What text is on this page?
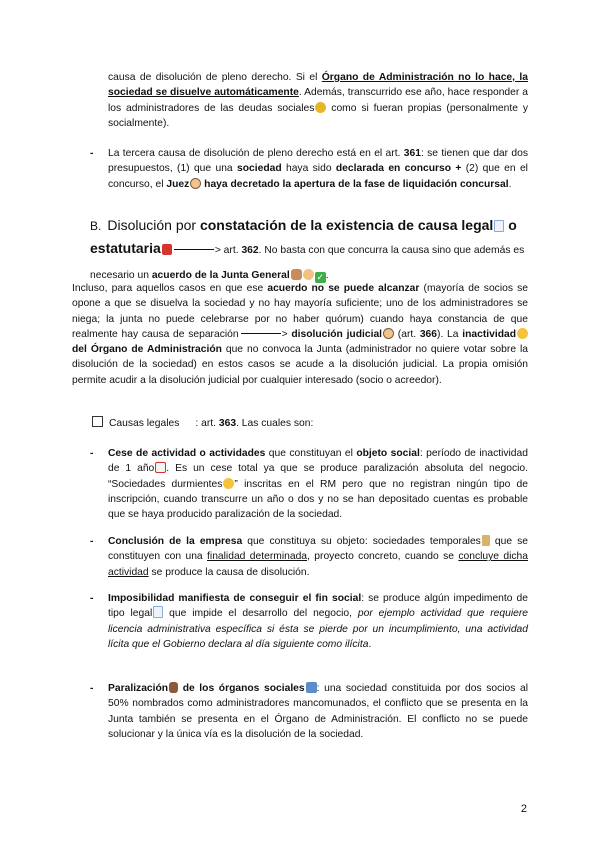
causa de disolución de pleno derecho. Si el Órgano de Administración no lo hace, la sociedad se disuelve automáticamente. Además, transcurrido ese año, hace responder a los administradores de las deudas sociales como si fueran propias (personalmente y socialmente).
-	La tercera causa de disolución de pleno derecho está en el art. 361: se tienen que dar dos presupuestos, (1) que una sociedad haya sido declarada en concurso + (2) que en el concurso, el Juez haya decretado la apertura de la fase de liquidación concursal.
B. Disolución por constatación de la existencia de causa legal o estatutaria	> art. 362. No basta con que concurra la causa sino que además es necesario un acuerdo de la Junta General	✓ .
Incluso, para aquellos casos en que ese acuerdo no se puede alcanzar (mayoría de socios se opone a que se disuelva la sociedad y no hay mayoría suficiente; uno de los administradores se niega; la junta no puede celebrarse por no haber quórum) cuando haya constancia de que realmente hay causa de separación	> disolución judicial (art. 366). La inactividad del Órgano de Administración que no convoca la Junta (administrador no quiere votar sobre la disolución de la sociedad) en estos casos se acude a la disolución judicial. La propia omisión permite acudir a la disolución judicial por cualquier interesado (socio o acreedor).
Causas legales : art. 363. Las cuales son:
-	Cese de actividad o actividades que constituyan el objeto social: período de inactividad de 1 año . Es un cese total ya que se produce paralización absoluta del negocio. “Sociedades durmientes ” inscritas en el RM pero que no registran ningún tipo de inscripción, cuando transcurre un año o dos y no se han depositado cuentas es probable que se haya producido paralización de la sociedad.
-	Conclusión de la empresa que constituya su objeto: sociedades temporales que se constituyen con una finalidad determinada, proyecto concreto, cuando se concluye dicha actividad se produce la causa de disolución.
-	Imposibilidad manifiesta de conseguir el fin social: se produce algún impedimento de tipo legal que impide el desarrollo del negocio, por ejemplo actividad que requiere licencia administrativa específica si ésta se pierde por un incumplimiento, una actividad lícita que el Gobierno declara al día siguiente como ilícita.
-	Paralización de los órganos sociales : una sociedad constituida por dos socios al 50% nombrados como administradores mancomunados, el conflicto que se presenta en la Junta también se presenta en el Órgano de Administración. El conflicto no se puede solucionar y la única vía es la disolución de la sociedad.
2
